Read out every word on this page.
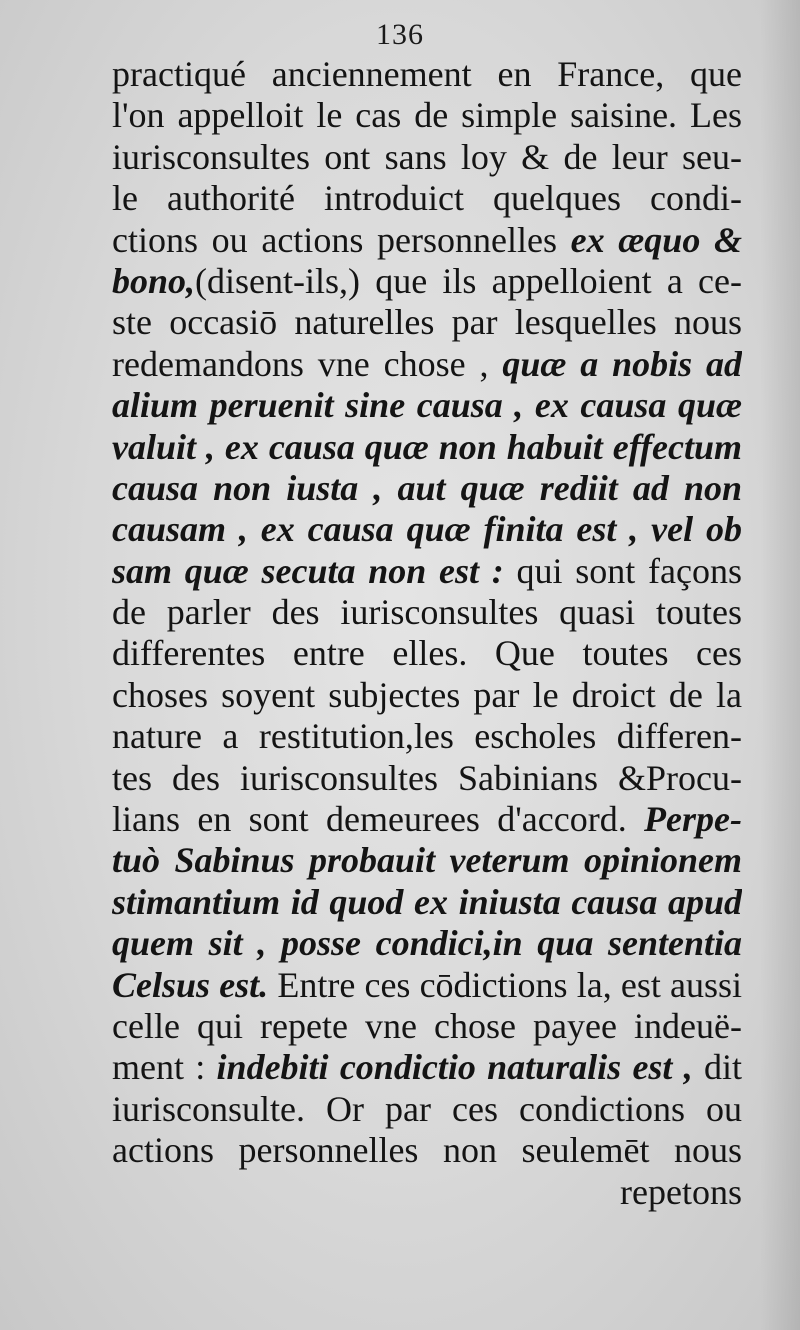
136
practiqué anciennement en France, que
l'on appelloit le cas de simple saisine. Les
iurisconsultes ont sans loy & de leur seu-
le authorité introduict quelques condi-
ctions ou actions personnelles ex æquo &
bono,(disent-ils,) que ils appelloient a ce-
ste occasiō naturelles par lesquelles nous
redemandons vne chose , quæ a nobis ad
alium peruenit sine causa , ex causa quæ
valuit , ex causa quæ non habuit effectum
causa non iusta , aut quæ rediit ad non
causam , ex causa quæ finita est , vel ob
sam quæ secuta non est : qui sont façons
de parler des iurisconsultes quasi toutes
differentes entre elles. Que toutes ces
choses soyent subjectes par le droict de la
nature a restitution,les escholes differen-
tes des iurisconsultes Sabinians &Procu-
lians en sont demeurees d'accord. Perpe-
tuò Sabinus probauit veterum opinionem
stimantium id quod ex iniusta causa apud
quem sit , posse condici,in qua sententia
Celsus est. Entre ces cōdictions la, est aussi
celle qui repete vne chose payee indeuë-
ment : indebiti condictio naturalis est , dit
iurisconsulte. Or par ces condictions ou
actions personnelles non seulemēt nous
repetons
